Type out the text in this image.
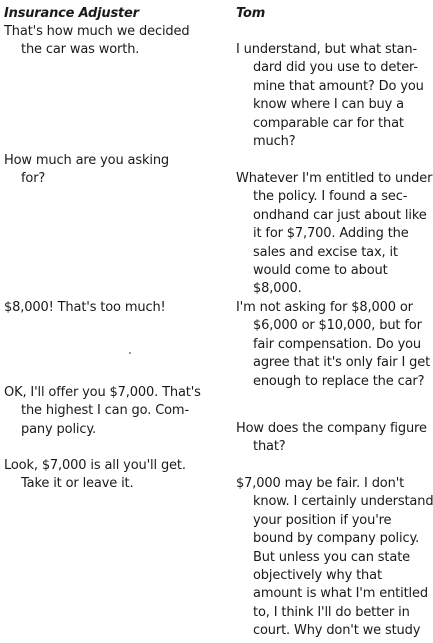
Insurance Adjuster	Tom

That's how much we decided
the car was worth.

How much are you asking
for?

$8,000! That's too much!

OK, I'll offer you $7,000. That's
the highest I can go. Com-
pany policy.

Look, $7,000 is all you'll get.
Take it or leave it.

I understand, but what stan-
dard did you use to deter-
mine that amount? Do you
know where I can buy a
comparable car for that
much?

Whatever I'm entitled to under
the policy. I found a sec-
ondhand car just about like
it for $7,700. Adding the
sales and excise tax, it
would come to about
$8,000.

I'm not asking for $8,000 or
$6,000 or $10,000, but for
fair compensation. Do you
agree that it's only fair I get
enough to replace the car?

How does the company figure
that?

$7,000 may be fair. I don't
know. I certainly understand
your position if you're
bound by company policy.
But unless you can state
objectively why that
amount is what I'm entitled
to, I think I'll do better in
court. Why don't we study
